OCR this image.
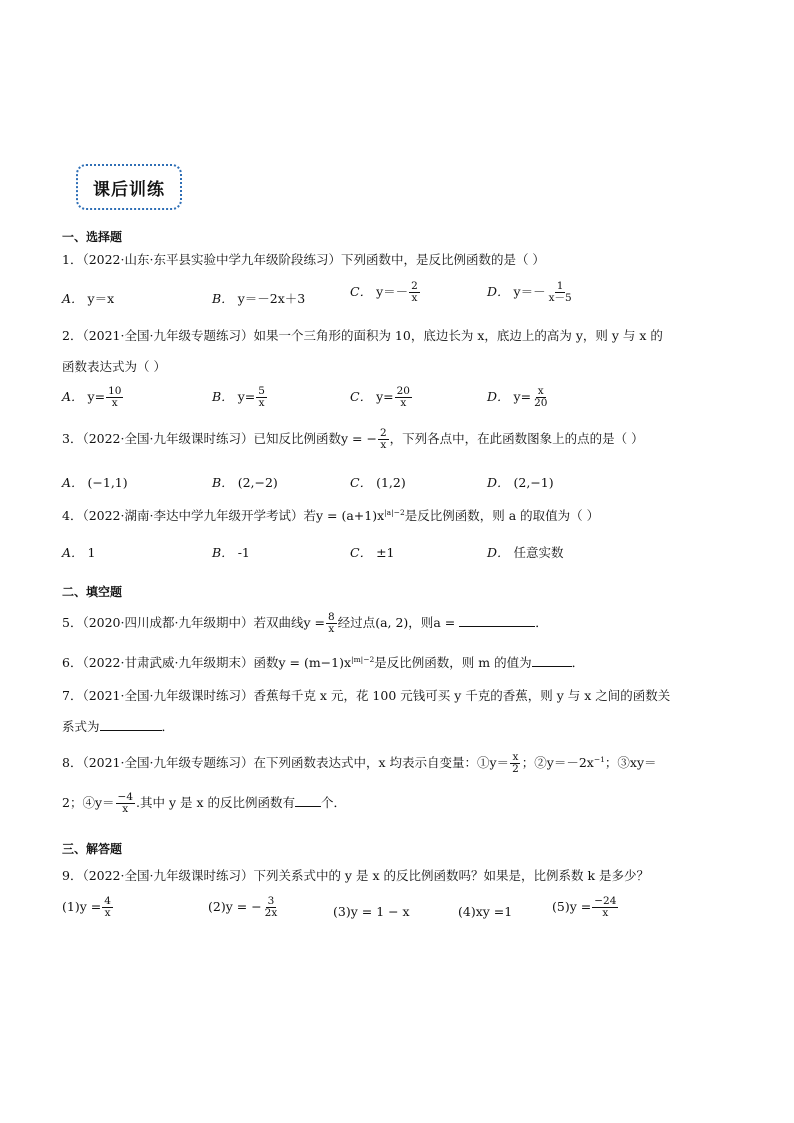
课后训练
一、选择题
1．（2022·山东·东平县实验中学九年级阶段练习）下列函数中，是反比例函数的是（ ）
A． y＝x	B． y＝－2x＋3	C． $y=- \frac{2}{x}$	D． $y=- \frac{1}{x-5}$
2．（2021·全国·九年级专题练习）如果一个三角形的面积为 10，底边长为 x，底边上的高为 y，则 y 与 x 的
函数表达式为（ ）
A． $y= \frac{10}{x}$	B． $y= \frac{5}{x}$	C． $y= \frac{20}{x}$	D． $y= \frac{x}{20}$
3．（2022·全国·九年级课时练习）已知反比例函数y = − $\frac{2}{x}$ ，下列各点中，在此函数图象上的点的是（ ）
A． (−1,1)	B． (2,−2)	C． (1,2)	D． (2,−1)
4．（2022·湖南·李达中学九年级开学考试）若$y = (a+1)x^{|a|-2}$是反比例函数，则 a 的取值为（ ）
A． 1	B． -1	C． ±1	D． 任意实数
二、填空题
5．（2020·四川成都·九年级期中）若双曲线$y = \frac{8}{x}$ 经过点(a, 2)，则a =	．
6．（2022·甘肃武威·九年级期末）函数$y = (m-1)x^{|m|-2}$是反比例函数，则 m 的值为	．
7．（2021·全国·九年级课时练习）香蕉每千克 x 元，花 100 元钱可买 y 千克的香蕉，则 y 与 x 之间的函数关
系式为	．
8．（2021·全国·九年级专题练习）在下列函数表达式中，x 均表示自变量：①y＝ $\frac{x}{2}$ ；$②y=-2x^{-1}$；③xy＝
2；④y＝ $\frac{-4}{x}$ .其中 y 是 x 的反比例函数有 个．
三、解答题
9．（2022·全国·九年级课时练习）下列关系式中的 y 是 x 的反比例函数吗？如果是，比例系数 k 是多少？
$(1)y = \frac{4}{x}$	(2)y = − $\frac{3}{2x}$	(3)y = 1 − x	(4)xy =1	$(5)y = \frac{-24}{x}$
